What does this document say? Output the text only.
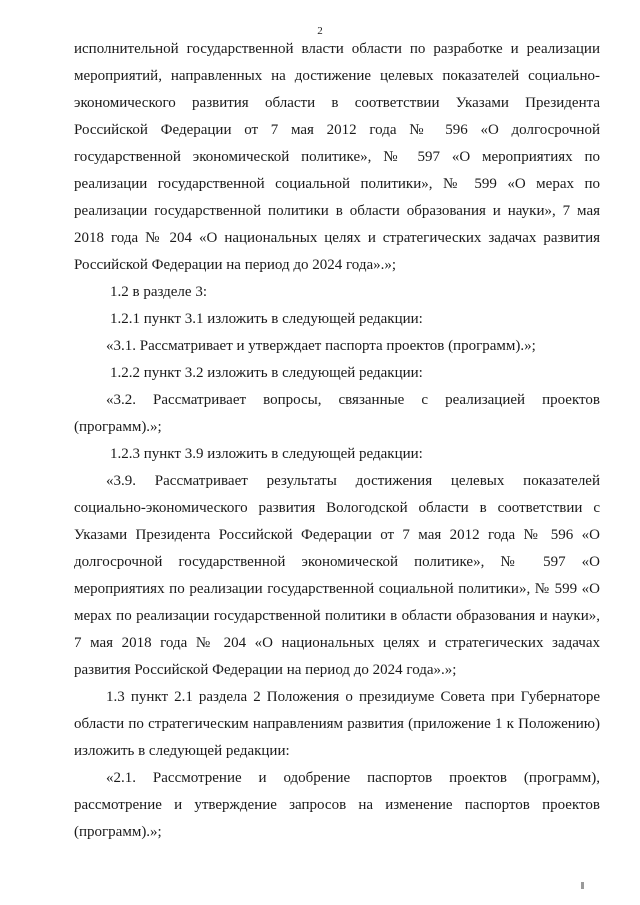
2

исполнительной государственной власти области по разработке и реализации мероприятий, направленных на достижение целевых показателей социально-экономического развития области в соответствии Указами Президента Российской Федерации от 7 мая 2012 года № 596 «О долгосрочной государственной экономической политике», № 597 «О мероприятиях по реализации государственной социальной политики», № 599 «О мерах по реализации государственной политики в области образования и науки», 7 мая 2018 года № 204 «О национальных целях и стратегических задачах развития Российской Федерации на период до 2024 года».»;

1.2 в разделе 3:

1.2.1 пункт 3.1 изложить в следующей редакции:

«3.1. Рассматривает и утверждает паспорта проектов (программ).»;

1.2.2 пункт 3.2 изложить в следующей редакции:

«3.2. Рассматривает вопросы, связанные с реализацией проектов (программ).»;

1.2.3 пункт 3.9 изложить в следующей редакции:

«3.9. Рассматривает результаты достижения целевых показателей социально-экономического развития Вологодской области в соответствии с Указами Президента Российской Федерации от 7 мая 2012 года № 596 «О долгосрочной государственной экономической политике», № 597 «О мероприятиях по реализации государственной социальной политики», № 599 «О мерах по реализации государственной политики в области образования и науки», 7 мая 2018 года № 204 «О национальных целях и стратегических задачах развития Российской Федерации на период до 2024 года».»;

1.3 пункт 2.1 раздела 2 Положения о президиуме Совета при Губернаторе области по стратегическим направлениям развития (приложение 1 к Положению) изложить в следующей редакции:

«2.1. Рассмотрение и одобрение паспортов проектов (программ), рассмотрение и утверждение запросов на изменение паспортов проектов (программ).»;
